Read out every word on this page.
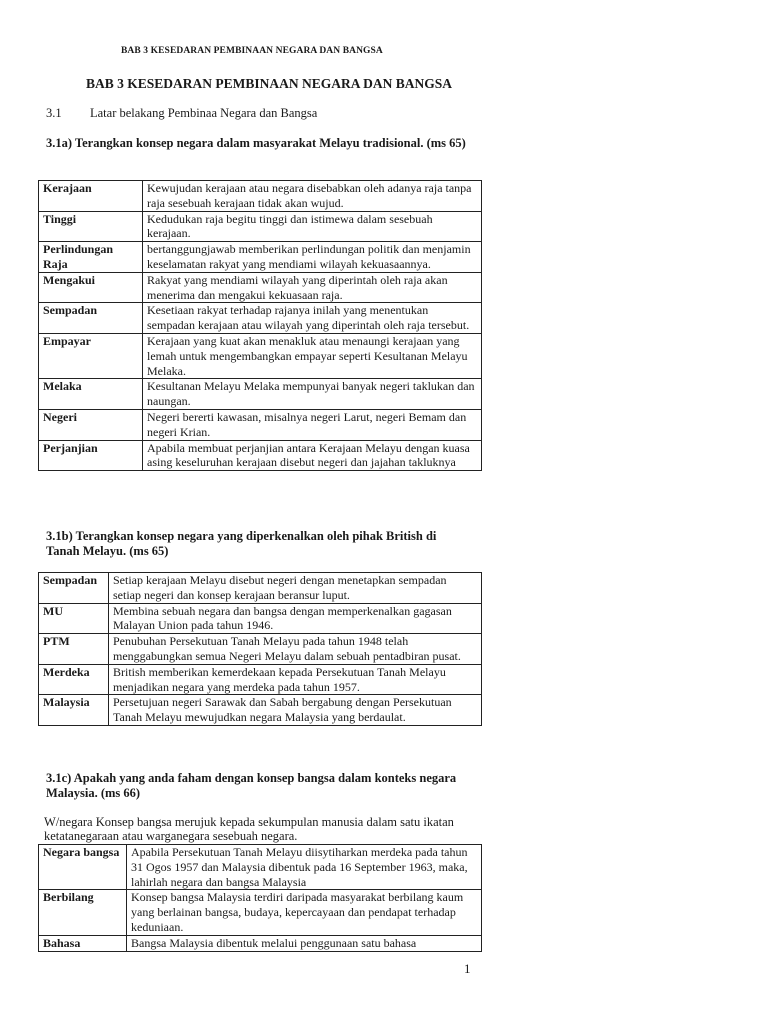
BAB 3 KESEDARAN PEMBINAAN NEGARA DAN BANGSA
BAB 3 KESEDARAN PEMBINAAN NEGARA DAN BANGSA
3.1 Latar belakang Pembinaa Negara dan Bangsa
3.1a) Terangkan konsep negara dalam masyarakat Melayu tradisional. (ms 65)
Kerajaan	Kewujudan kerajaan atau negara disebabkan oleh adanya raja tanpa raja sesebuah kerajaan tidak akan wujud.
Tinggi	Kedudukan raja begitu tinggi dan istimewa dalam sesebuah kerajaan.
Perlindungan Raja	bertanggungjawab memberikan perlindungan politik dan menjamin keselamatan rakyat yang mendiami wilayah kekuasaannya.
Mengakui	Rakyat yang mendiami wilayah yang diperintah oleh raja akan menerima dan mengakui kekuasaan raja.
Sempadan	Kesetiaan rakyat terhadap rajanya inilah yang menentukan sempadan kerajaan atau wilayah yang diperintah oleh raja tersebut.
Empayar	Kerajaan yang kuat akan menakluk atau menaungi kerajaan yang lemah untuk mengembangkan empayar seperti Kesultanan Melayu Melaka.
Melaka	Kesultanan Melayu Melaka mempunyai banyak negeri taklukan dan naungan.
Negeri	Negeri bererti kawasan, misalnya negeri Larut, negeri Bemam dan negeri Krian.
Perjanjian	Apabila membuat perjanjian antara Kerajaan Melayu dengan kuasa asing keseluruhan kerajaan disebut negeri dan jajahan takluknya
3.1b) Terangkan konsep negara yang diperkenalkan oleh pihak British di Tanah Melayu. (ms 65)
Sempadan	Setiap kerajaan Melayu disebut negeri dengan menetapkan sempadan setiap negeri dan konsep kerajaan beransur luput.
MU	Membina sebuah negara dan bangsa dengan memperkenalkan gagasan Malayan Union pada tahun 1946.
PTM	Penubuhan Persekutuan Tanah Melayu pada tahun 1948 telah menggabungkan semua Negeri Melayu dalam sebuah pentadbiran pusat.
Merdeka	British memberikan kemerdekaan kepada Persekutuan Tanah Melayu menjadikan negara yang merdeka pada tahun 1957.
Malaysia	Persetujuan negeri Sarawak dan Sabah bergabung dengan Persekutuan Tanah Melayu mewujudkan negara Malaysia yang berdaulat.
3.1c) Apakah yang anda faham dengan konsep bangsa dalam konteks negara Malaysia. (ms 66)
W/negara Konsep bangsa merujuk kepada sekumpulan manusia dalam satu ikatan ketatanegaraan atau warganegara sesebuah negara.
Negara bangsa	Apabila Persekutuan Tanah Melayu diisytiharkan merdeka pada tahun 31 Ogos 1957 dan Malaysia dibentuk pada 16 September 1963, maka, lahirlah negara dan bangsa Malaysia
Berbilang	Konsep bangsa Malaysia terdiri daripada masyarakat berbilang kaum yang berlainan bangsa, budaya, kepercayaan dan pendapat terhadap keduniaan.
Bahasa	Bangsa Malaysia dibentuk melalui penggunaan satu bahasa
1
